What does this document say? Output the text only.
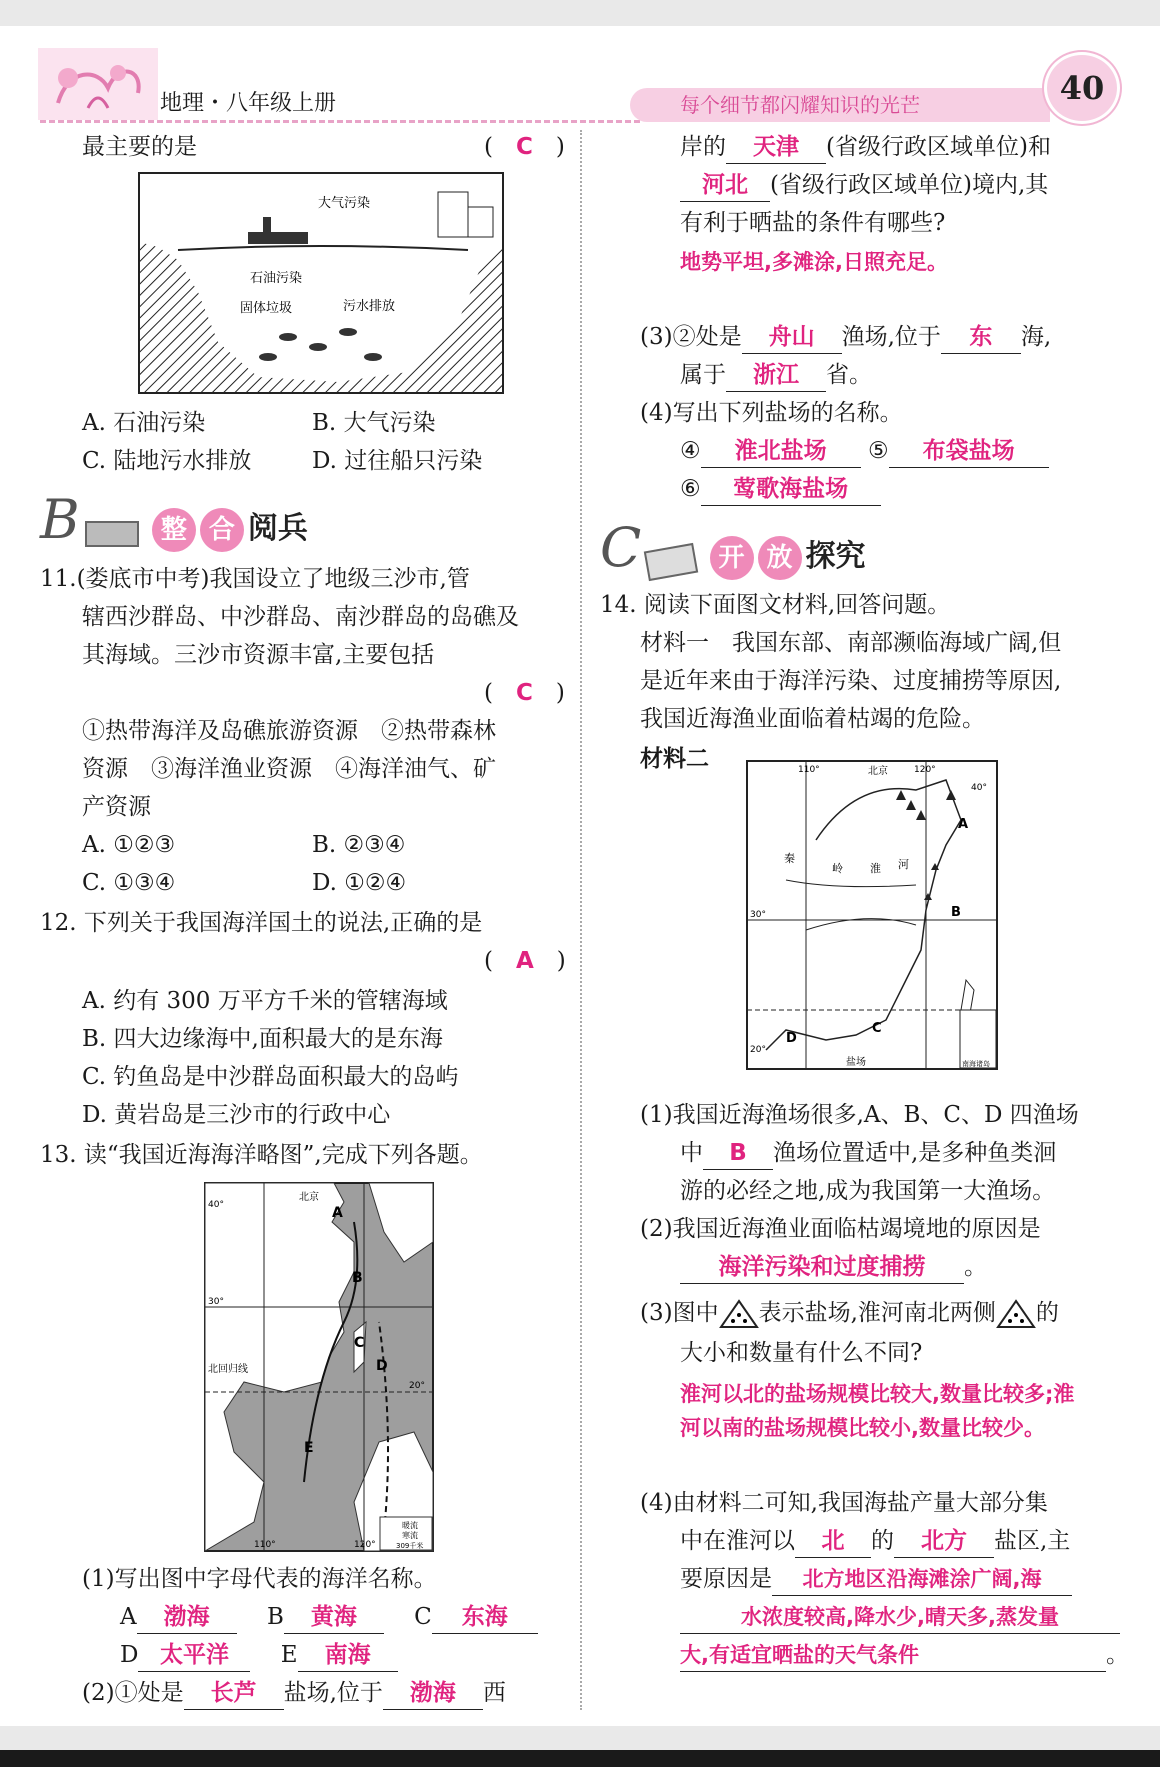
地理・八年级上册	每个细节都闪耀知识的光芒	40
最主要的是	(　C　)
大气污染
石油污染
固体垃圾	污水排放
A. 石油污染	B. 大气污染
C. 陆地污水排放	D. 过往船只污染
B	整 合 阅兵
11.(娄底市中考)我国设立了地级三沙市,管
辖西沙群岛、中沙群岛、南沙群岛的岛礁及
其海域。三沙市资源丰富,主要包括
(　C　)
①热带海洋及岛礁旅游资源　②热带森林
资源　③海洋渔业资源　④海洋油气、矿
产资源
A. ①②③	B. ②③④
C. ①③④	D. ①②④
12. 下列关于我国海洋国土的说法,正确的是
(　A　)
A. 约有 300 万平方千米的管辖海域
B. 四大边缘海中,面积最大的是东海
C. 钓鱼岛是中沙群岛面积最大的岛屿
D. 黄岩岛是三沙市的行政中心
13. 读“我国近海海洋略图”,完成下列各题。
北京
北回归线
A
B
D
C
E
40°
30°
20°
110°	120°
暖流
寒流
309千米
(1)写出图中字母代表的海洋名称。
A 渤海 　 B 黄海 　 C 东海
D 太平洋 　 E 南海
(2)①处是 长芦 盐场,位于 渤海 西
岸的 天津 (省级行政区域单位)和
河北 (省级行政区域单位)境内,其
有利于晒盐的条件有哪些?
地势平坦,多滩涂,日照充足。
(3)②处是 舟山 渔场,位于 东 海,
属于 浙江 省。
(4)写出下列盐场的名称。
④ 淮北盐场 ⑤ 布袋盐场
⑥ 莺歌海盐场
C	开 放 探究
14. 阅读下面图文材料,回答问题。
材料一　我国东部、南部濒临海域广阔,但
是近年来由于海洋污染、过度捕捞等原因,
我国近海渔业面临着枯竭的危险。
材料二	北京
秦
岭 淮 河
A
B
C
D
110°	120°
30°
40°
20°
盐场	南海诸岛
(1)我国近海渔场很多,A、B、C、D 四渔场
中 B 渔场位置适中,是多种鱼类洄
游的必经之地,成为我国第一大渔场。
(2)我国近海渔业面临枯竭境地的原因是
海洋污染和过度捕捞 。
(3)图中 表示盐场,淮河南北两侧 的
大小和数量有什么不同?
淮河以北的盐场规模比较大,数量比较多;淮
河以南的盐场规模比较小,数量比较少。
(4)由材料二可知,我国海盐产量大部分集
中在淮河以 北 的 北方 盐区,主
要原因是 北方地区沿海滩涂广阔,海
水浓度较高,降水少,晴天多,蒸发量
大,有适宜晒盐的天气条件	。
